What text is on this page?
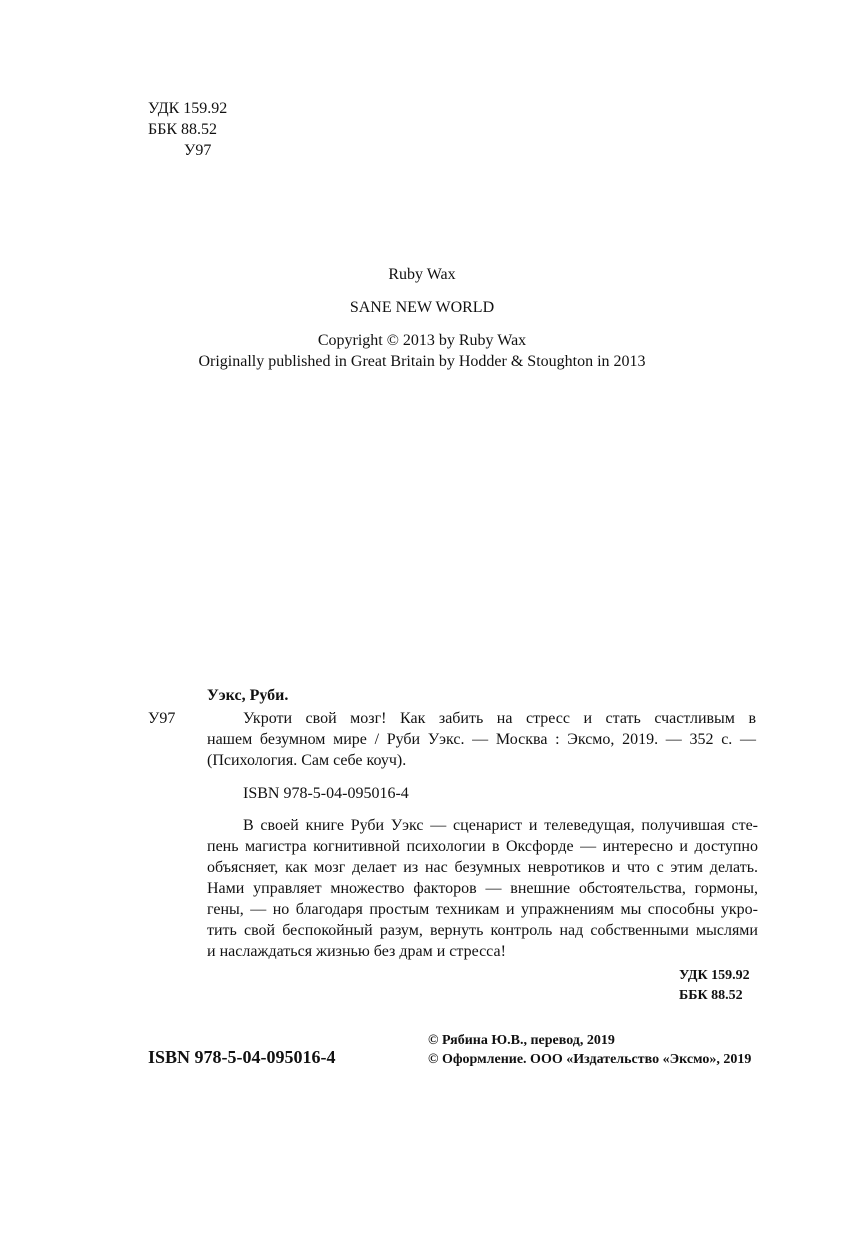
УДК 159.92
ББК 88.52
У97
Ruby Wax
SANE NEW WORLD
Copyright © 2013 by Ruby Wax
Originally published in Great Britain by Hodder & Stoughton in 2013
Уэкс, Руби.
У97	Укроти свой мозг! Как забить на стресс и стать счастливым в
нашем безумном мире / Руби Уэкс. — Москва : Эксмо, 2019. — 352 с. —
(Психология. Сам себе коуч).
ISBN 978-5-04-095016-4
В своей книге Руби Уэкс — сценарист и телеведущая, получившая сте-
пень магистра когнитивной психологии в Оксфорде — интересно и доступно
объясняет, как мозг делает из нас безумных невротиков и что с этим делать.
Нами управляет множество факторов — внешние обстоятельства, гормоны,
гены, — но благодаря простым техникам и упражнениям мы способны укро-
тить свой беспокойный разум, вернуть контроль над собственными мыслями
и наслаждаться жизнью без драм и стресса!
УДК 159.92
ББК 88.52
ISBN 978-5-04-095016-4
© Рябина Ю.В., перевод, 2019
© Оформление. ООО «Издательство «Эксмо», 2019
